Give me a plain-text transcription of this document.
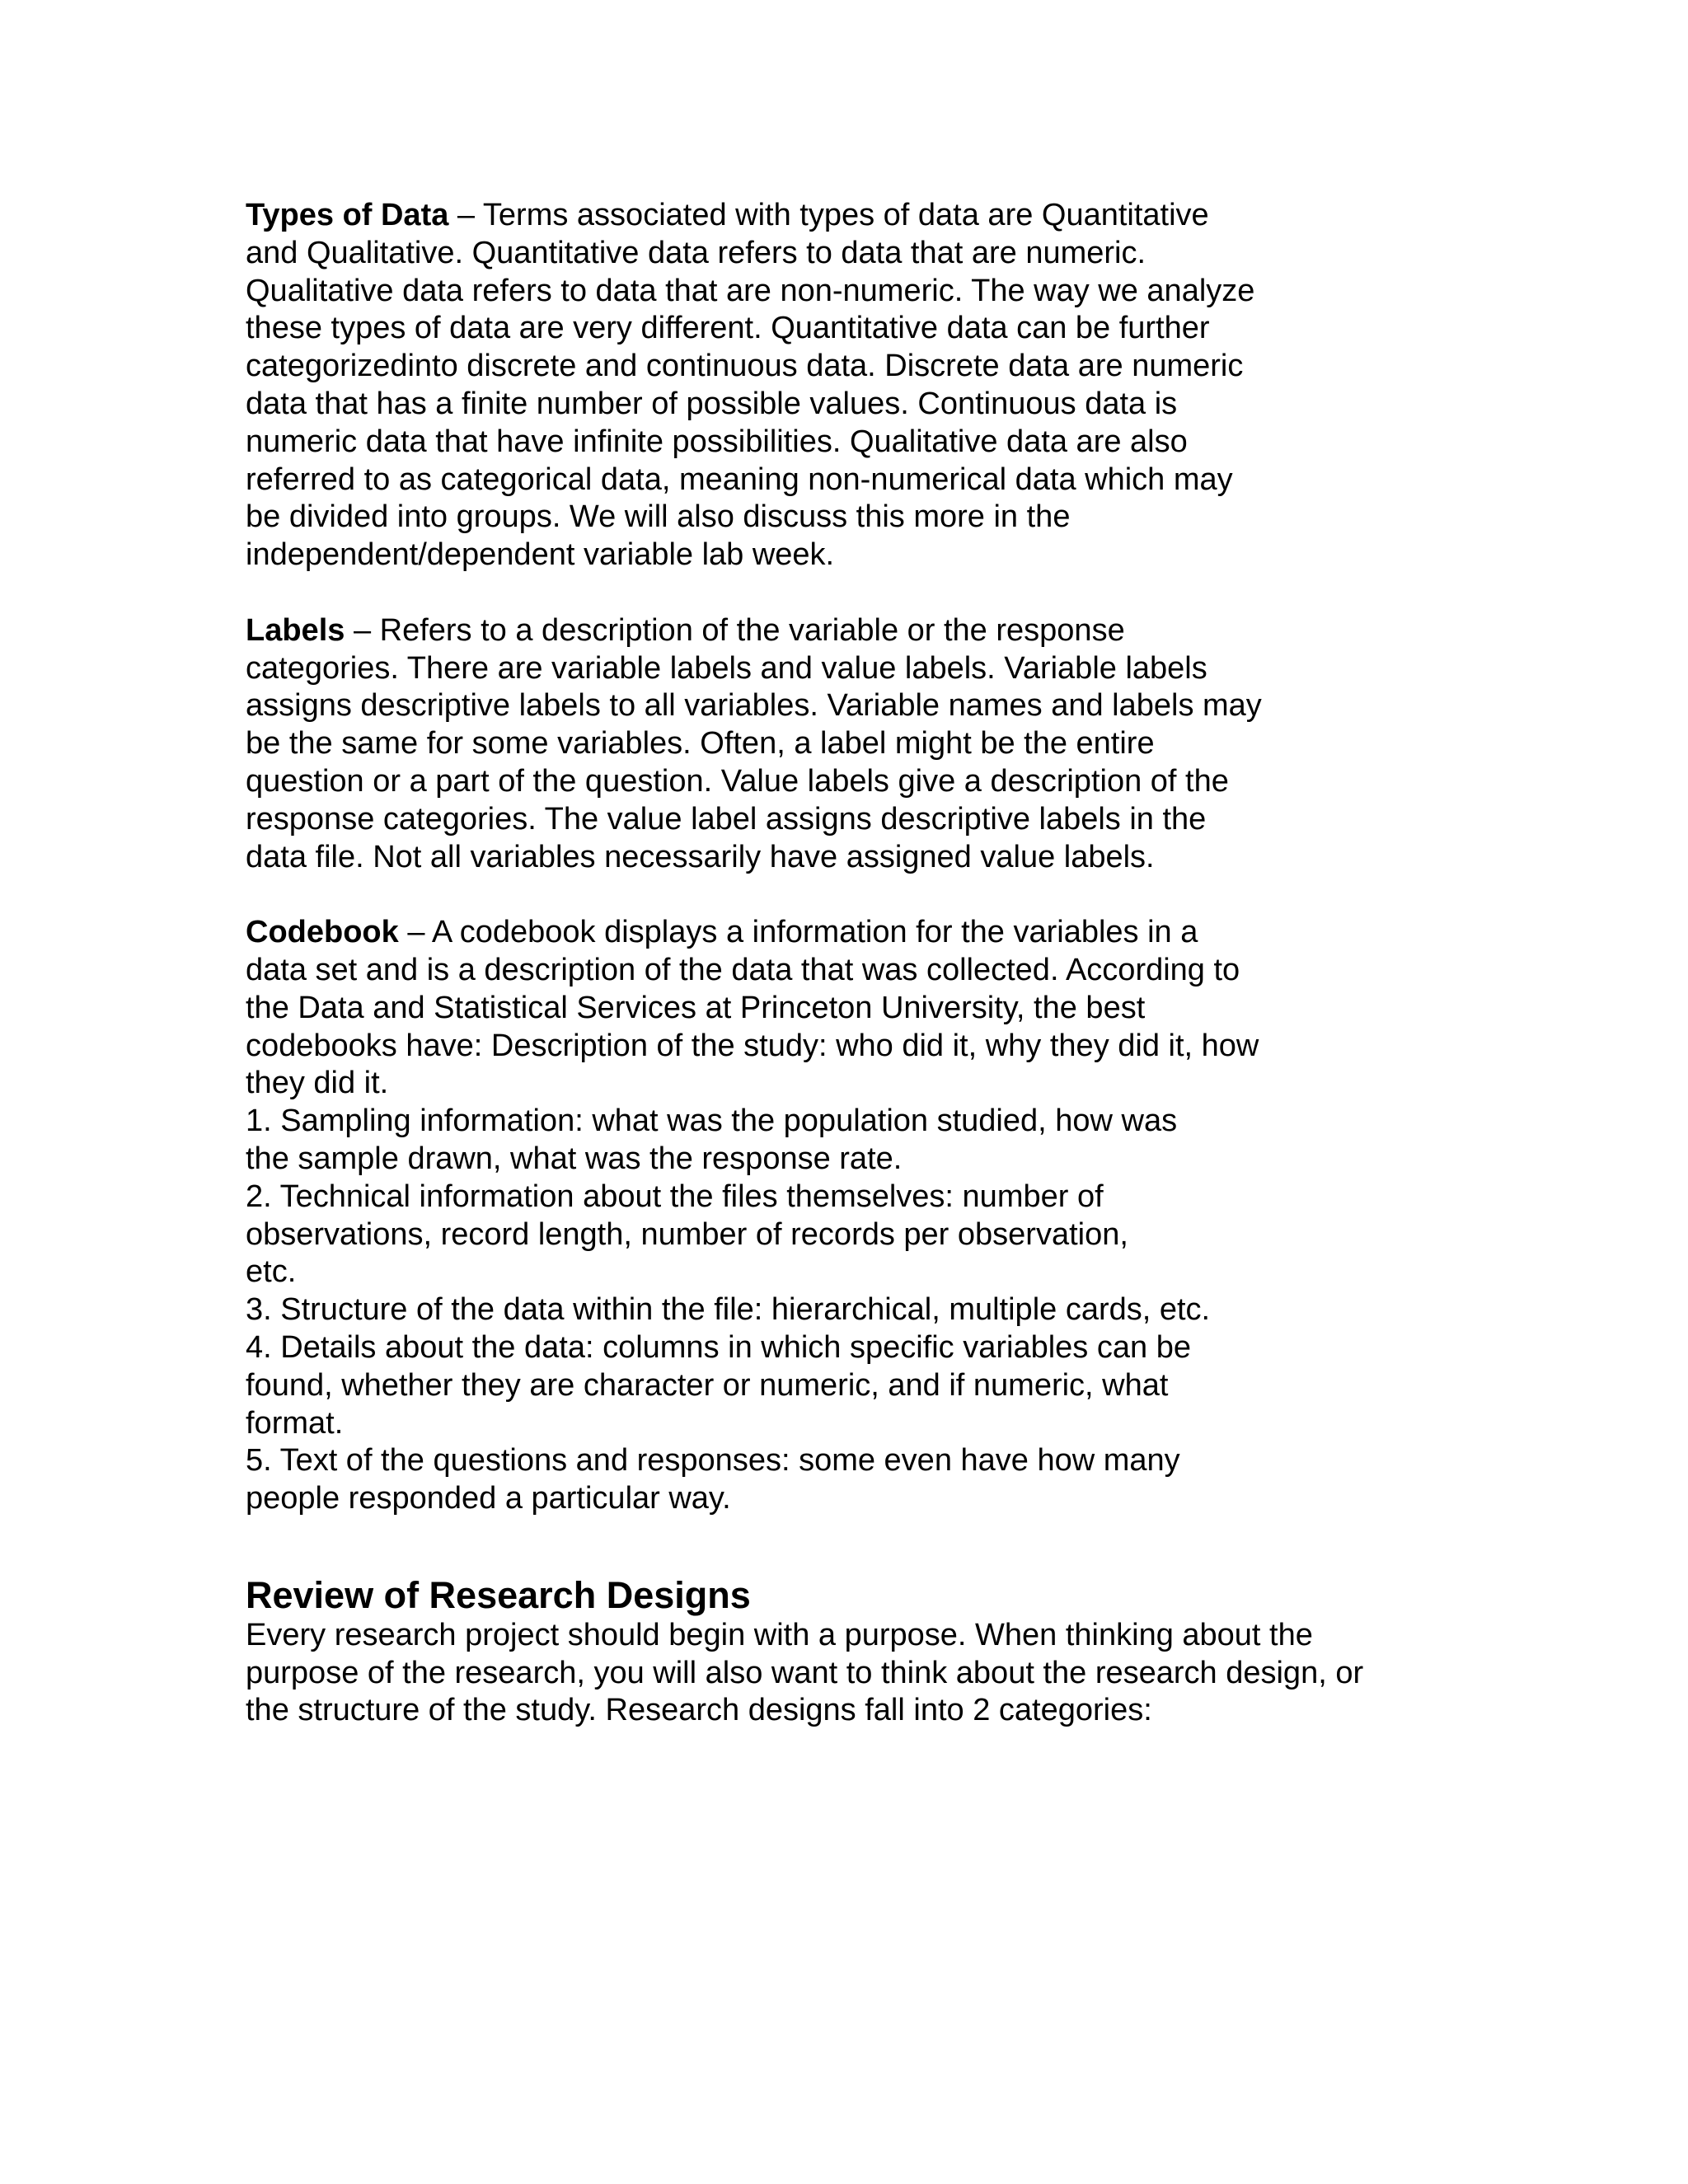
Types of Data – Terms associated with types of data are Quantitative
and Qualitative. Quantitative data refers to data that are numeric.
Qualitative data refers to data that are non-numeric. The way we analyze
these types of data are very different. Quantitative data can be further
categorizedinto discrete and continuous data. Discrete data are numeric
data that has a finite number of possible values. Continuous data is
numeric data that have infinite possibilities. Qualitative data are also
referred to as categorical data, meaning non-numerical data which may
be divided into groups. We will also discuss this more in the
independent/dependent variable lab week.

Labels – Refers to a description of the variable or the response
categories. There are variable labels and value labels. Variable labels
assigns descriptive labels to all variables. Variable names and labels may
be the same for some variables. Often, a label might be the entire
question or a part of the question. Value labels give a description of the
response categories. The value label assigns descriptive labels in the
data file. Not all variables necessarily have assigned value labels.

Codebook – A codebook displays a information for the variables in a
data set and is a description of the data that was collected. According to
the Data and Statistical Services at Princeton University, the best
codebooks have: Description of the study: who did it, why they did it, how
they did it.
1. Sampling information: what was the population studied, how was
the sample drawn, what was the response rate.
2. Technical information about the files themselves: number of
observations, record length, number of records per observation,
etc.
3. Structure of the data within the file: hierarchical, multiple cards, etc.
4. Details about the data: columns in which specific variables can be
found, whether they are character or numeric, and if numeric, what
format.
5. Text of the questions and responses: some even have how many
people responded a particular way.

Review of Research Designs

Every research project should begin with a purpose. When thinking about the
purpose of the research, you will also want to think about the research design, or
the structure of the study. Research designs fall into 2 categories:
